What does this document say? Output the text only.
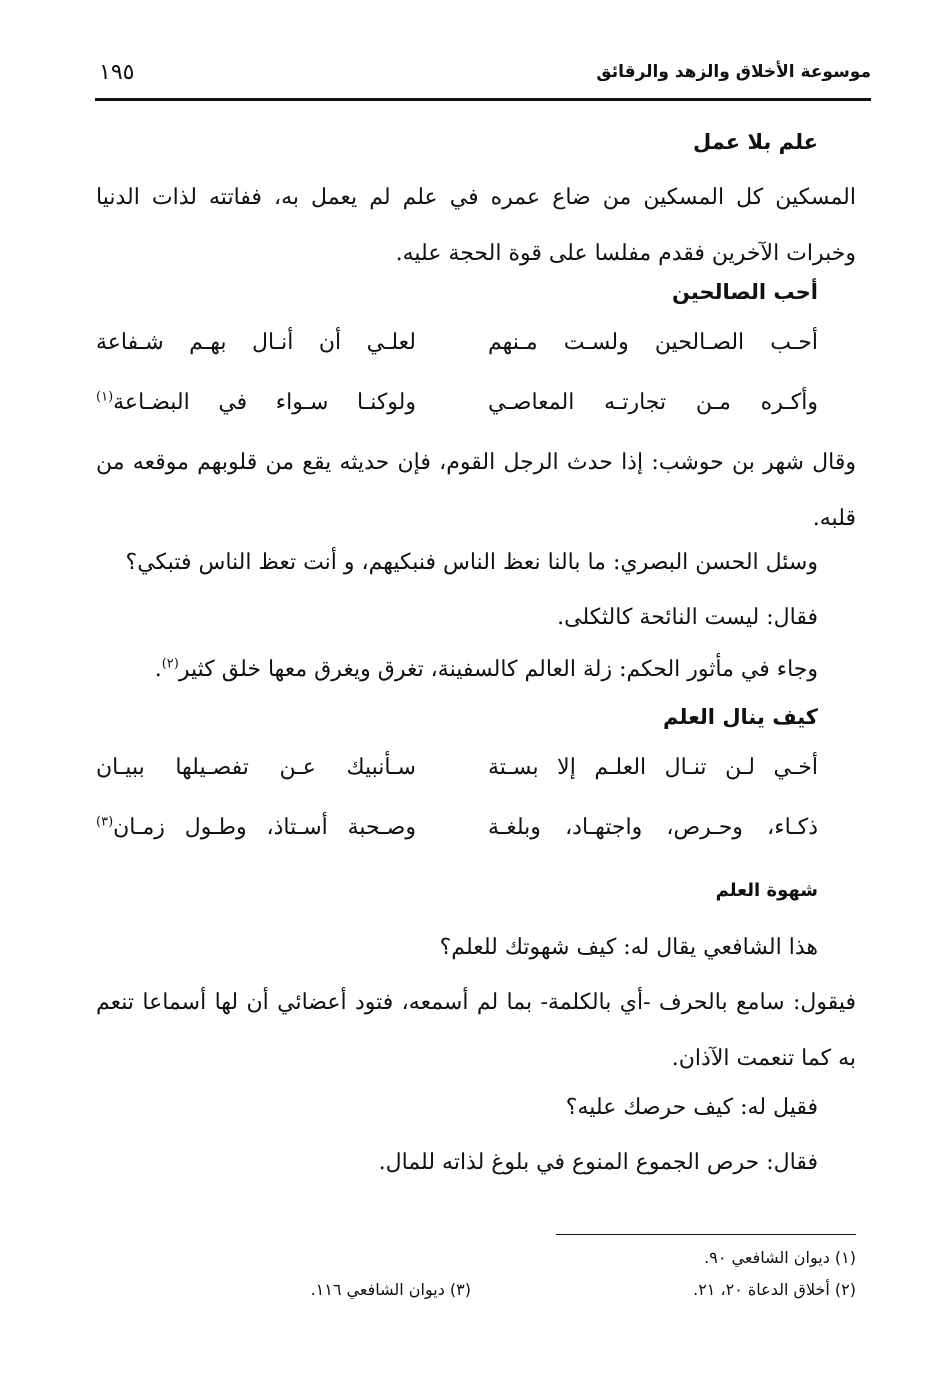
موسوعة الأخلاق والزهد والرقائق
١٩٥
علم بلا عمل

المسكين كل المسكين من ضاع عمره في علم لم يعمل به، ففاتته لذات الدنيا وخبرات الآخرين فقدم مفلسا على قوة الحجة عليه.

أحب الصالحين
أحـب الصـالحين ولسـت مـنهم
لعلـي أن أنـال بهـم شـفاعة
وأكـره مـن تجارتـه المعاصـي
ولوكنـا سـواء في البضـاعة$^{(١)}$

وقال شهر بن حوشب: إذا حدث الرجل القوم، فإن حديثه يقع من قلوبهم موقعه من قلبه.

وسئل الحسن البصري: ما بالنا نعظ الناس فنبكيهم، و أنت تعظ الناس فتبكي؟

فقال: ليست النائحة كالثكلى.

وجاء في مأثور الحكم: زلة العالم كالسفينة، تغرق ويغرق معها خلق كثير$^{(٢)}$.

كيف ينال العلم
أخـي لـن تنـال العلـم إلا بسـتة
سـأنبيك عـن تفصـيلها ببيـان
ذكـاء، وحـرص، واجتهـاد، وبلغـة
وصـحبة أسـتاذ، وطـول زمـان$^{(٣)}$
شهوة العلم

هذا الشافعي يقال له: كيف شهوتك للعلم؟

فيقول: سامع بالحرف -أي بالكلمة- بما لم أسمعه، فتود أعضائي أن لها أسماعا تنعم به كما تنعمت الآذان.

فقيل له: كيف حرصك عليه؟

فقال: حرص الجموع المنوع في بلوغ لذاته للمال.

(١) ديوان الشافعي ٩٠.
(٢) أخلاق الدعاة ٢٠، ٢١.
(٣) ديوان الشافعي ١١٦.
